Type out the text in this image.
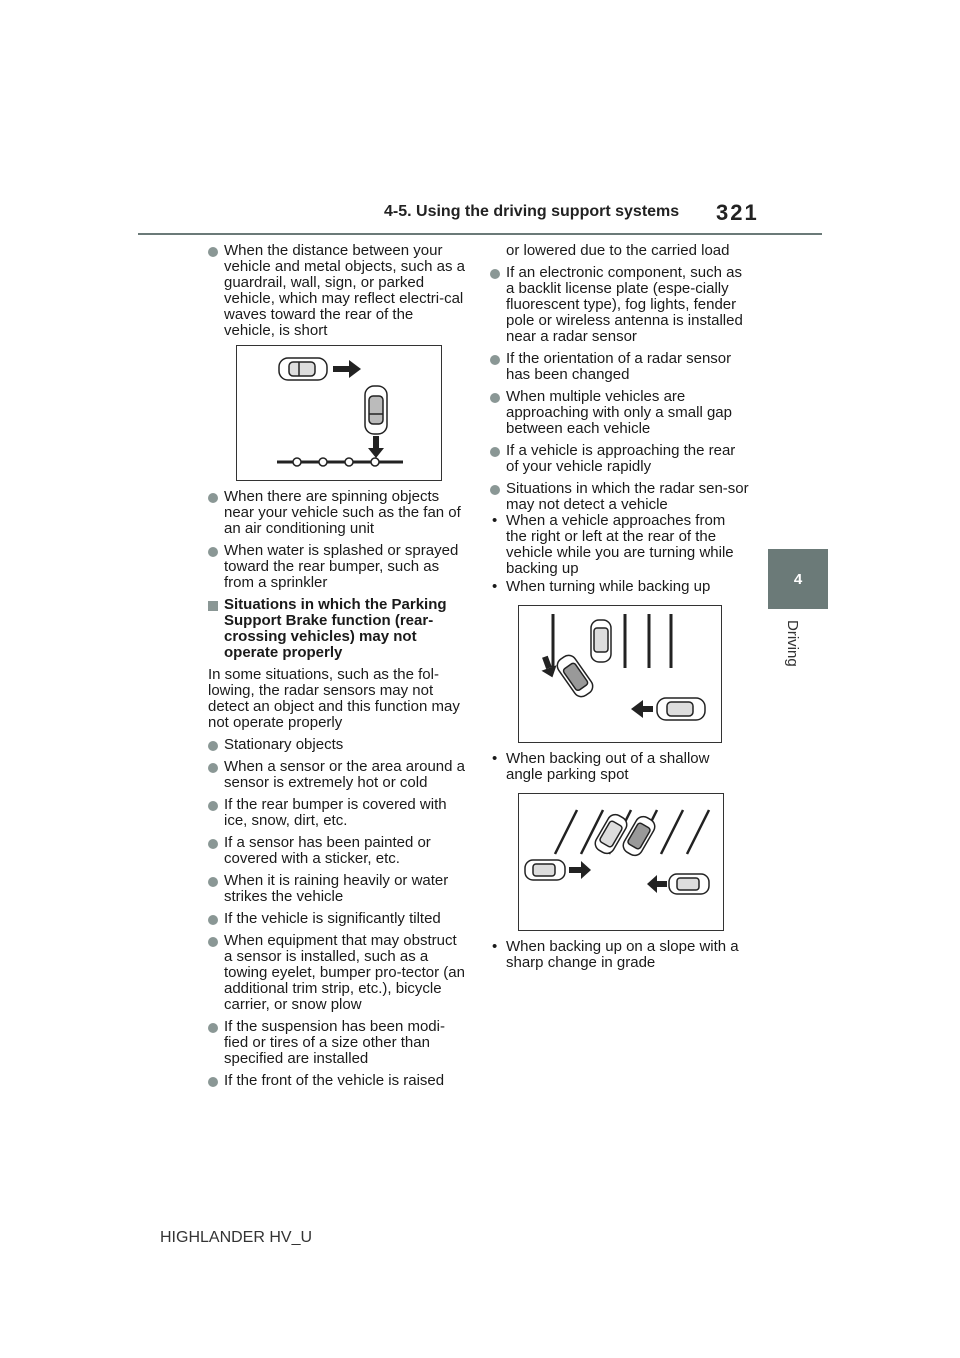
4-5. Using the driving support systems 321
4
Driving
When the distance between your vehicle and metal objects, such as a guardrail, wall, sign, or parked vehicle, which may reflect electri-cal waves toward the rear of the vehicle, is short
When there are spinning objects near your vehicle such as the fan of an air conditioning unit
When water is splashed or sprayed toward the rear bumper, such as from a sprinkler
Situations in which the Parking Support Brake function (rear-crossing vehicles) may not operate properly
In some situations, such as the fol-lowing, the radar sensors may not detect an object and this function may not operate properly
Stationary objects
When a sensor or the area around a sensor is extremely hot or cold
If the rear bumper is covered with ice, snow, dirt, etc.
If a sensor has been painted or covered with a sticker, etc.
When it is raining heavily or water strikes the vehicle
If the vehicle is significantly tilted
When equipment that may obstruct a sensor is installed, such as a towing eyelet, bumper pro-tector (an additional trim strip, etc.), bicycle carrier, or snow plow
If the suspension has been modi-fied or tires of a size other than specified are installed
If the front of the vehicle is raised
or lowered due to the carried load
If an electronic component, such as a backlit license plate (espe-cially fluorescent type), fog lights, fender pole or wireless antenna is installed near a radar sensor
If the orientation of a radar sensor has been changed
When multiple vehicles are approaching with only a small gap between each vehicle
If a vehicle is approaching the rear of your vehicle rapidly
Situations in which the radar sen-sor may not detect a vehicle
• When a vehicle approaches from the right or left at the rear of the vehicle while you are turning while backing up
• When turning while backing up
• When backing out of a shallow angle parking spot
• When backing up on a slope with a sharp change in grade
HIGHLANDER HV_U
